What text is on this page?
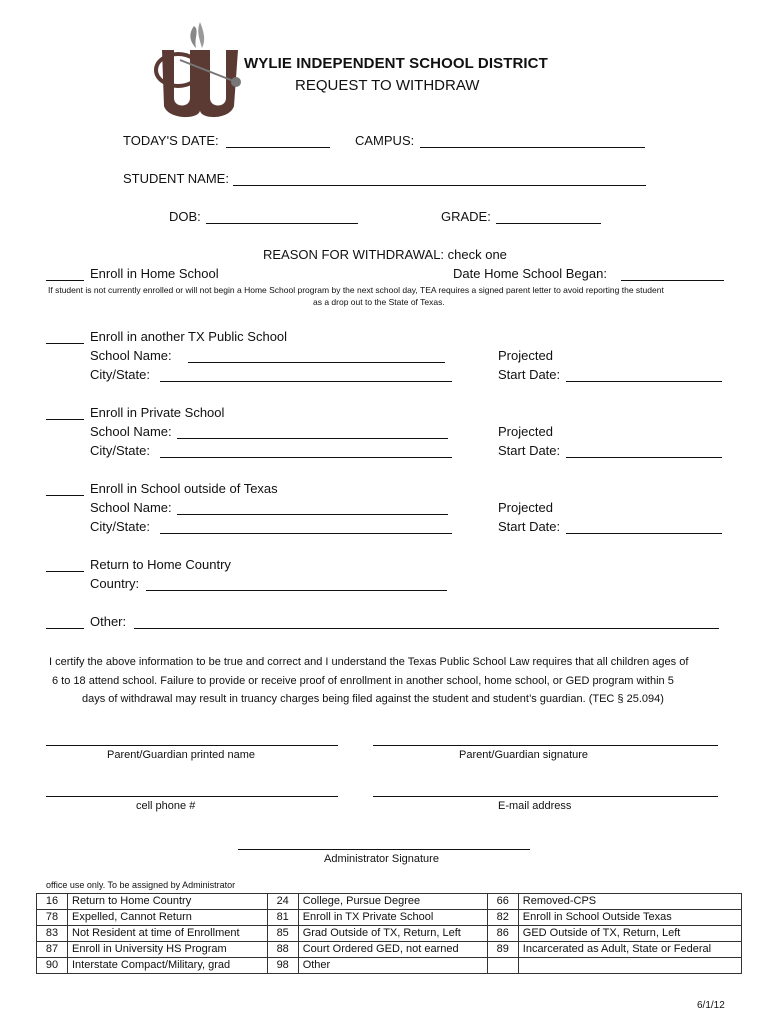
WYLIE INDEPENDENT SCHOOL DISTRICT
REQUEST TO WITHDRAW
TODAY'S DATE:	CAMPUS:
STUDENT NAME:
DOB:	GRADE:
REASON FOR WITHDRAWAL: check one
Enroll in Home School	Date Home School Began:
If student is not currently enrolled or will not begin a Home School program by the next school day, TEA requires a signed parent letter to avoid reporting the student
as a drop out to the State of Texas.
Enroll in another TX Public School
School Name:
City/State:
Projected
Start Date:
Enroll in Private School
School Name:
City/State:
Projected
Start Date:
Enroll in School outside of Texas
School Name:
City/State:
Projected
Start Date:
Return to Home Country
Country:
Other:
I certify the above information to be true and correct and I understand the Texas Public School Law requires that all children ages of
6 to 18 attend school. Failure to provide or receive proof of enrollment in another school, home school, or GED program within 5
days of withdrawal may result in truancy charges being filed against the student and student’s guardian. (TEC § 25.094)
Parent/Guardian printed name	Parent/Guardian signature
cell phone #	E-mail address
Administrator Signature
office use only. To be assigned by Administrator
16	Return to Home Country	24	College, Pursue Degree	66	Removed-CPS
78	Expelled, Cannot Return	81	Enroll in TX Private School	82	Enroll in School Outside Texas
83	Not Resident at time of Enrollment	85	Grad Outside of TX, Return, Left	86	GED Outside of TX, Return, Left
87	Enroll in University HS Program	88	Court Ordered GED, not earned	89	Incarcerated as Adult, State or Federal
90	Interstate Compact/Military, grad	98	Other		
6/1/12
